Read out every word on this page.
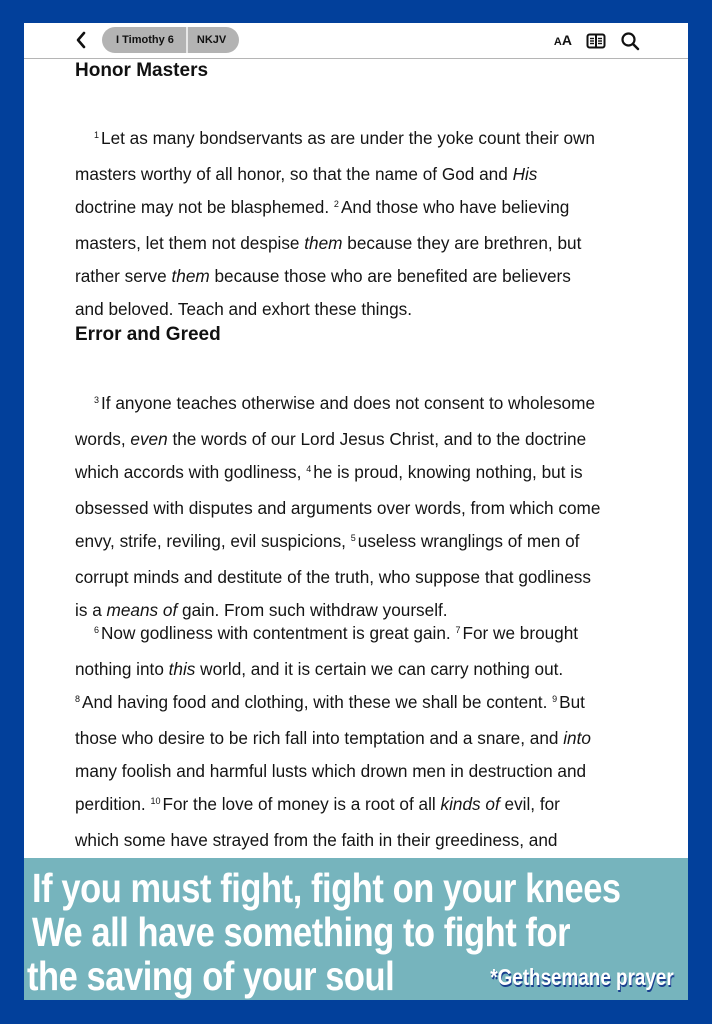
I Timothy 6	NKJV	AA
Honor Masters

$^1$ Let as many bondservants as are under the yoke count their own
masters worthy of all honor, so that the name of God and His
doctrine may not be blasphemed. $^2$ And those who have believing
masters, let them not despise them because they are brethren, but
rather serve them because those who are benefited are believers
and beloved. Teach and exhort these things.

Error and Greed

$^3$ If anyone teaches otherwise and does not consent to wholesome
words, even the words of our Lord Jesus Christ, and to the doctrine
which accords with godliness, $^4$ he is proud, knowing nothing, but is
obsessed with disputes and arguments over words, from which come
envy, strife, reviling, evil suspicions, $^5$ useless wranglings of men of
corrupt minds and destitute of the truth, who suppose that godliness
is a means of gain. From such withdraw yourself.

$^6$ Now godliness with contentment is great gain. $^7$ For we brought
nothing into this world, and it is certain we can carry nothing out.
$^8$ And having food and clothing, with these we shall be content. $^9$ But
those who desire to be rich fall into temptation and a snare, and into
many foolish and harmful lusts which drown men in destruction and
perdition. $^{10}$ For the love of money is a root of all kinds of evil, for
which some have strayed from the faith in their greediness, and

If you must fight, fight on your knees
We all have something to fight for
the saving of your soul	*Gethsemane prayer
